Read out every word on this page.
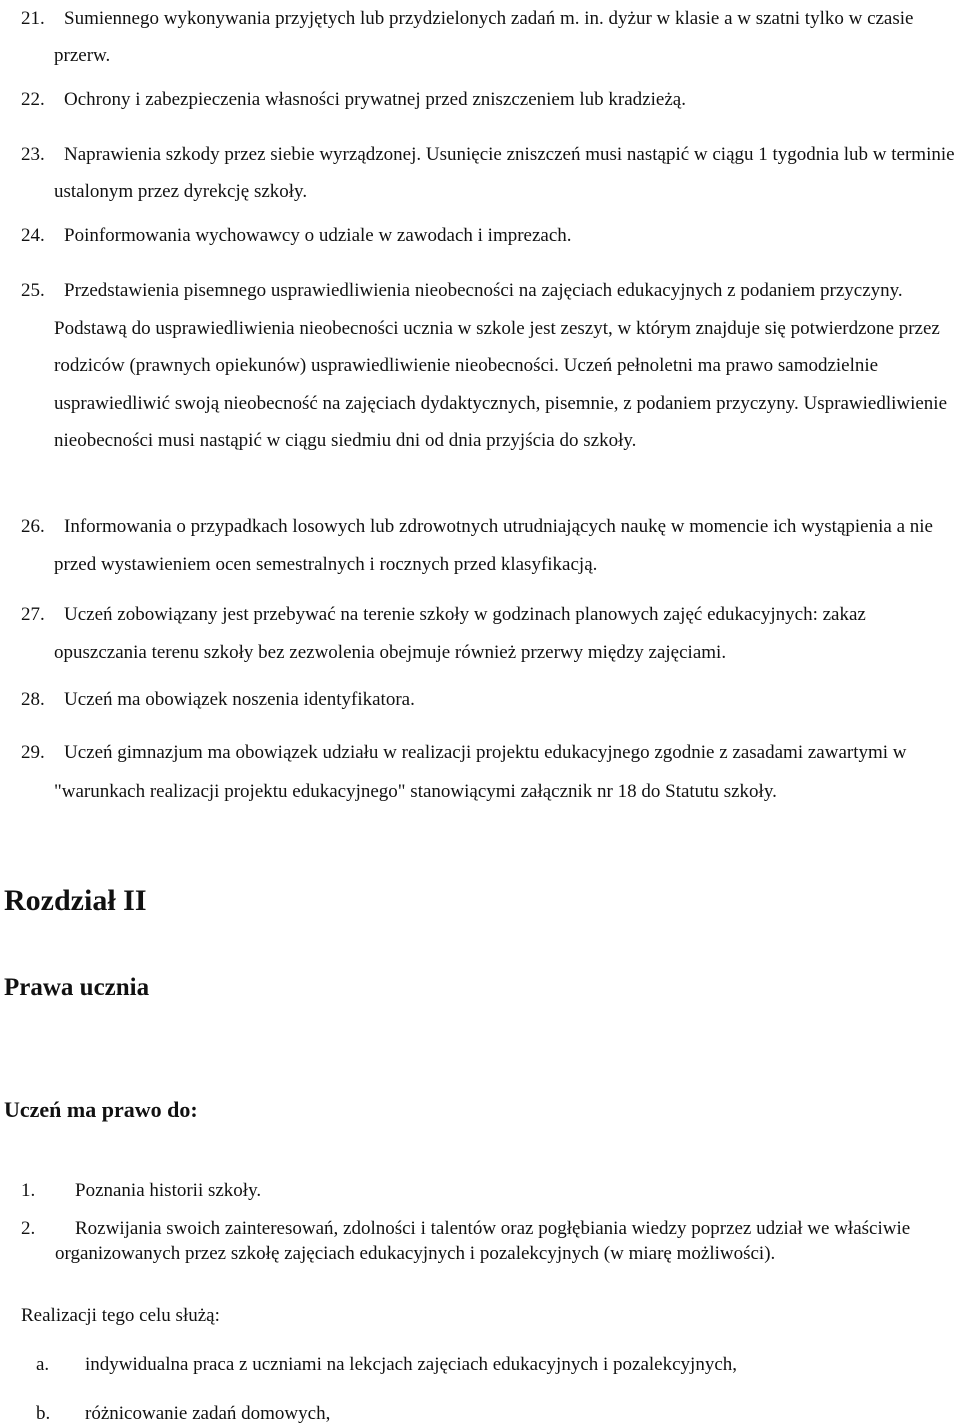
21.	Sumiennego wykonywania przyjętych lub przydzielonych zadań m. in. dyżur w klasie a w szatni tylko w czasie przerw.
22.	Ochrony i zabezpieczenia własności prywatnej przed zniszczeniem lub kradzieżą.
23.	Naprawienia szkody przez siebie wyrządzonej. Usunięcie zniszczeń musi nastąpić w ciągu 1 tygodnia lub w terminie ustalonym przez dyrekcję szkoły.
24.	Poinformowania wychowawcy o udziale w zawodach i imprezach.
25.	Przedstawienia pisemnego usprawiedliwienia nieobecności na zajęciach edukacyjnych z podaniem przyczyny. Podstawą do usprawiedliwienia nieobecności ucznia w szkole jest zeszyt, w którym znajduje się potwierdzone przez rodziców (prawnych opiekunów) usprawiedliwienie nieobecności. Uczeń pełnoletni ma prawo samodzielnie usprawiedliwić swoją nieobecność na zajęciach dydaktycznych, pisemnie, z podaniem przyczyny. Usprawiedliwienie nieobecności musi nastąpić w ciągu siedmiu dni od dnia przyjścia do szkoły.
26.	Informowania o przypadkach losowych lub zdrowotnych utrudniających naukę w momencie ich wystąpienia a nie przed wystawieniem ocen semestralnych i rocznych przed klasyfikacją.
27.	Uczeń zobowiązany jest przebywać na terenie szkoły w godzinach planowych zajęć edukacyjnych: zakaz opuszczania terenu szkoły bez zezwolenia obejmuje również przerwy między zajęciami.
28.	Uczeń ma obowiązek noszenia identyfikatora.
29.	Uczeń gimnazjum ma obowiązek udziału w realizacji projektu edukacyjnego zgodnie z zasadami zawartymi w "warunkach realizacji projektu edukacyjnego" stanowiącymi załącznik nr 18 do Statutu szkoły.
Rozdział II
Prawa ucznia
Uczeń ma prawo do:
1. Poznania historii szkoły.
2.	Rozwijania swoich zainteresowań, zdolności i talentów oraz pogłębiania wiedzy poprzez udział we właściwie organizowanych przez szkołę zajęciach edukacyjnych i pozalekcyjnych (w miarę możliwości).
Realizacji tego celu służą:
a. indywidualna praca z uczniami na lekcjach zajęciach edukacyjnych i pozalekcyjnych,
b. różnicowanie zadań domowych,
